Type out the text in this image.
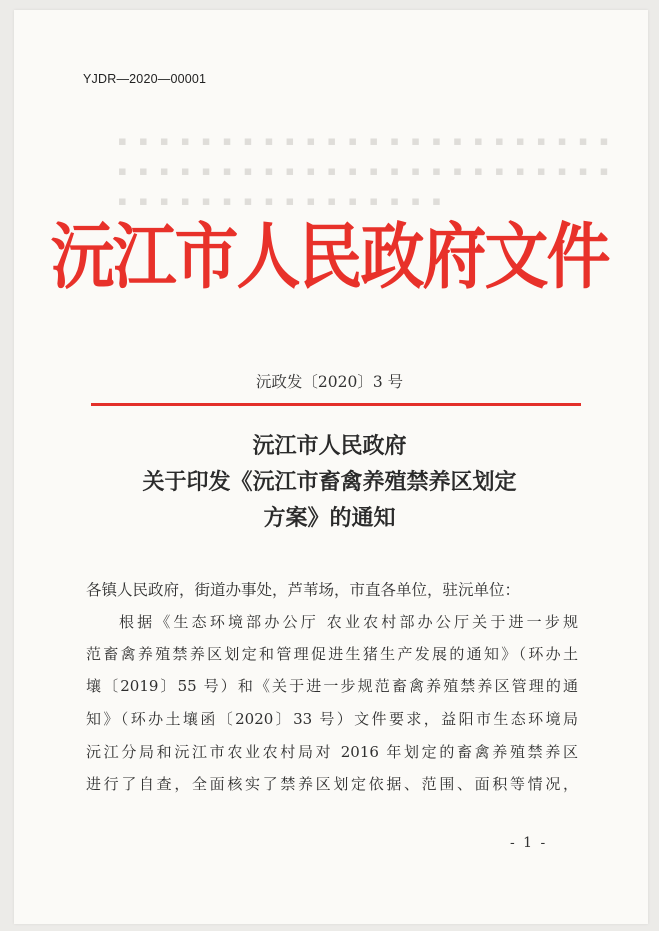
YJDR—2020—00001
▪ ▪ ▪ ▪ ▪ ▪ ▪ ▪ ▪ ▪ ▪ ▪ ▪ ▪ ▪ ▪ ▪ ▪ ▪ ▪ ▪ ▪ ▪ ▪
▪ ▪ ▪ ▪ ▪ ▪ ▪ ▪ ▪ ▪ ▪ ▪ ▪ ▪ ▪ ▪ ▪ ▪ ▪ ▪ ▪ ▪ ▪ ▪
▪ ▪ ▪ ▪ ▪ ▪ ▪ ▪ ▪ ▪ ▪ ▪ ▪ ▪ ▪ ▪
沅江市人民政府文件
沅政发〔2020〕3 号
沅江市人民政府
关于印发《沅江市畜禽养殖禁养区划定
方案》的通知
各镇人民政府，街道办事处，芦苇场，市直各单位，驻沅单位：
根据《生态环境部办公厅 农业农村部办公厅关于进一步规
范畜禽养殖禁养区划定和管理促进生猪生产发展的通知》（环办土
壤〔2019〕55 号）和《关于进一步规范畜禽养殖禁养区管理的通
知》（环办土壤函〔2020〕33 号）文件要求，益阳市生态环境局
沅江分局和沅江市农业农村局对 2016 年划定的畜禽养殖禁养区
进行了自查，全面核实了禁养区划定依据、范围、面积等情况，
- 1 -
